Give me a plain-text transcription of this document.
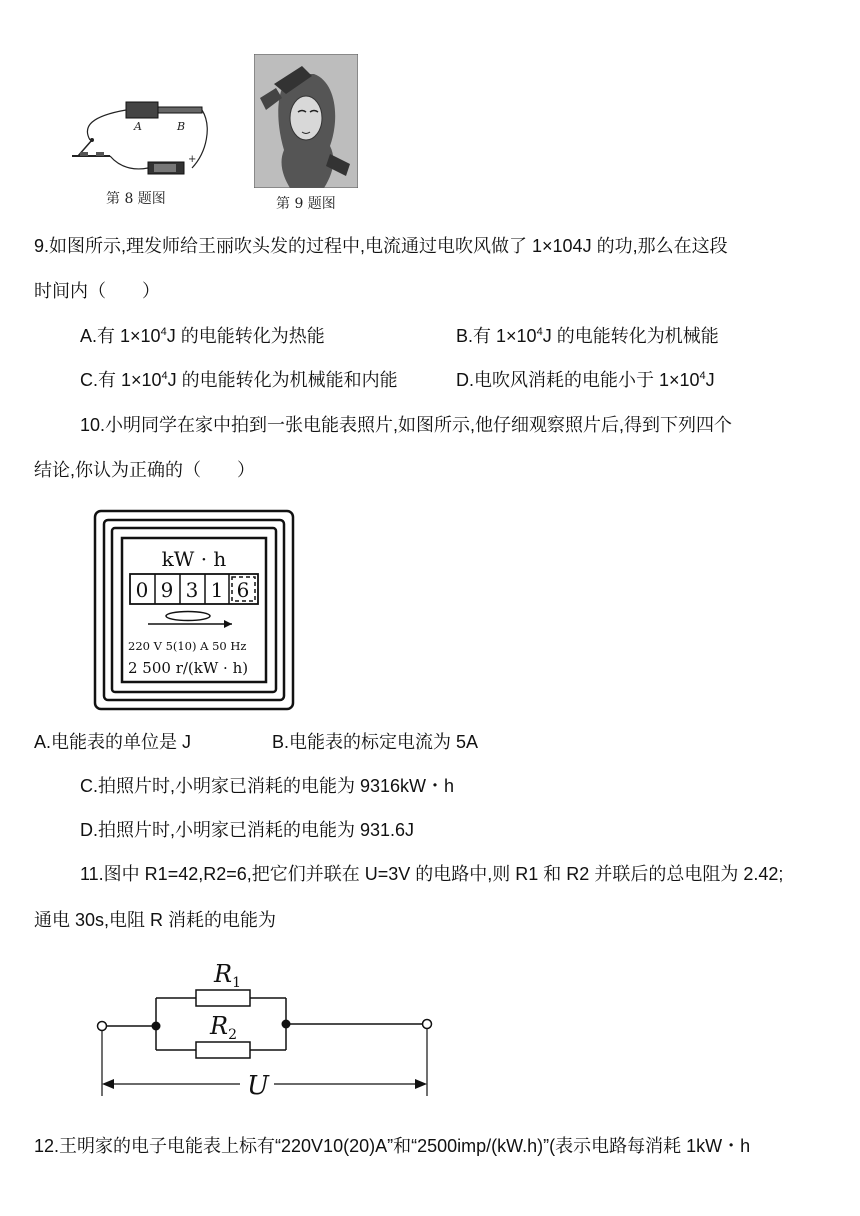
A	B
+
第 8 题图	第 9 题图
9.如图所示,理发师给王丽吹头发的过程中,电流通过电吹风做了 1×104J 的功,那么在这段
时间内（　　）
A.有 $1\times 10^4J$ 的电能转化为热能	B.有 $1\times 10^4J$ 的电能转化为机械能
C.有 $1\times 10^4J$ 的电能转化为机械能和内能	D.电吹风消耗的电能小于 $1\times 10^4J$
10.小明同学在家中拍到一张电能表照片,如图所示,他仔细观察照片后,得到下列四个
结论,你认为正确的（　　）
kW · h
0 9 3 1 6
220 V 5(10) A 50 Hz
2 500 r/(kW · h)
A.电能表的单位是 J	B.电能表的标定电流为 5A
C.拍照片时,小明家已消耗的电能为 9316kW・h
D.拍照片时,小明家已消耗的电能为 931.6J
11.图中 R1=42,R2=6,把它们并联在 U=3V 的电路中,则 R1 和 R2 并联后的总电阻为 2.42;
通电 30s,电阻 R 消耗的电能为
$R_1$
$R_2$
U
12.王明家的电子电能表上标有“220V10(20)A”和“2500imp/(kW.h)”(表示电路每消耗 1kW・h
